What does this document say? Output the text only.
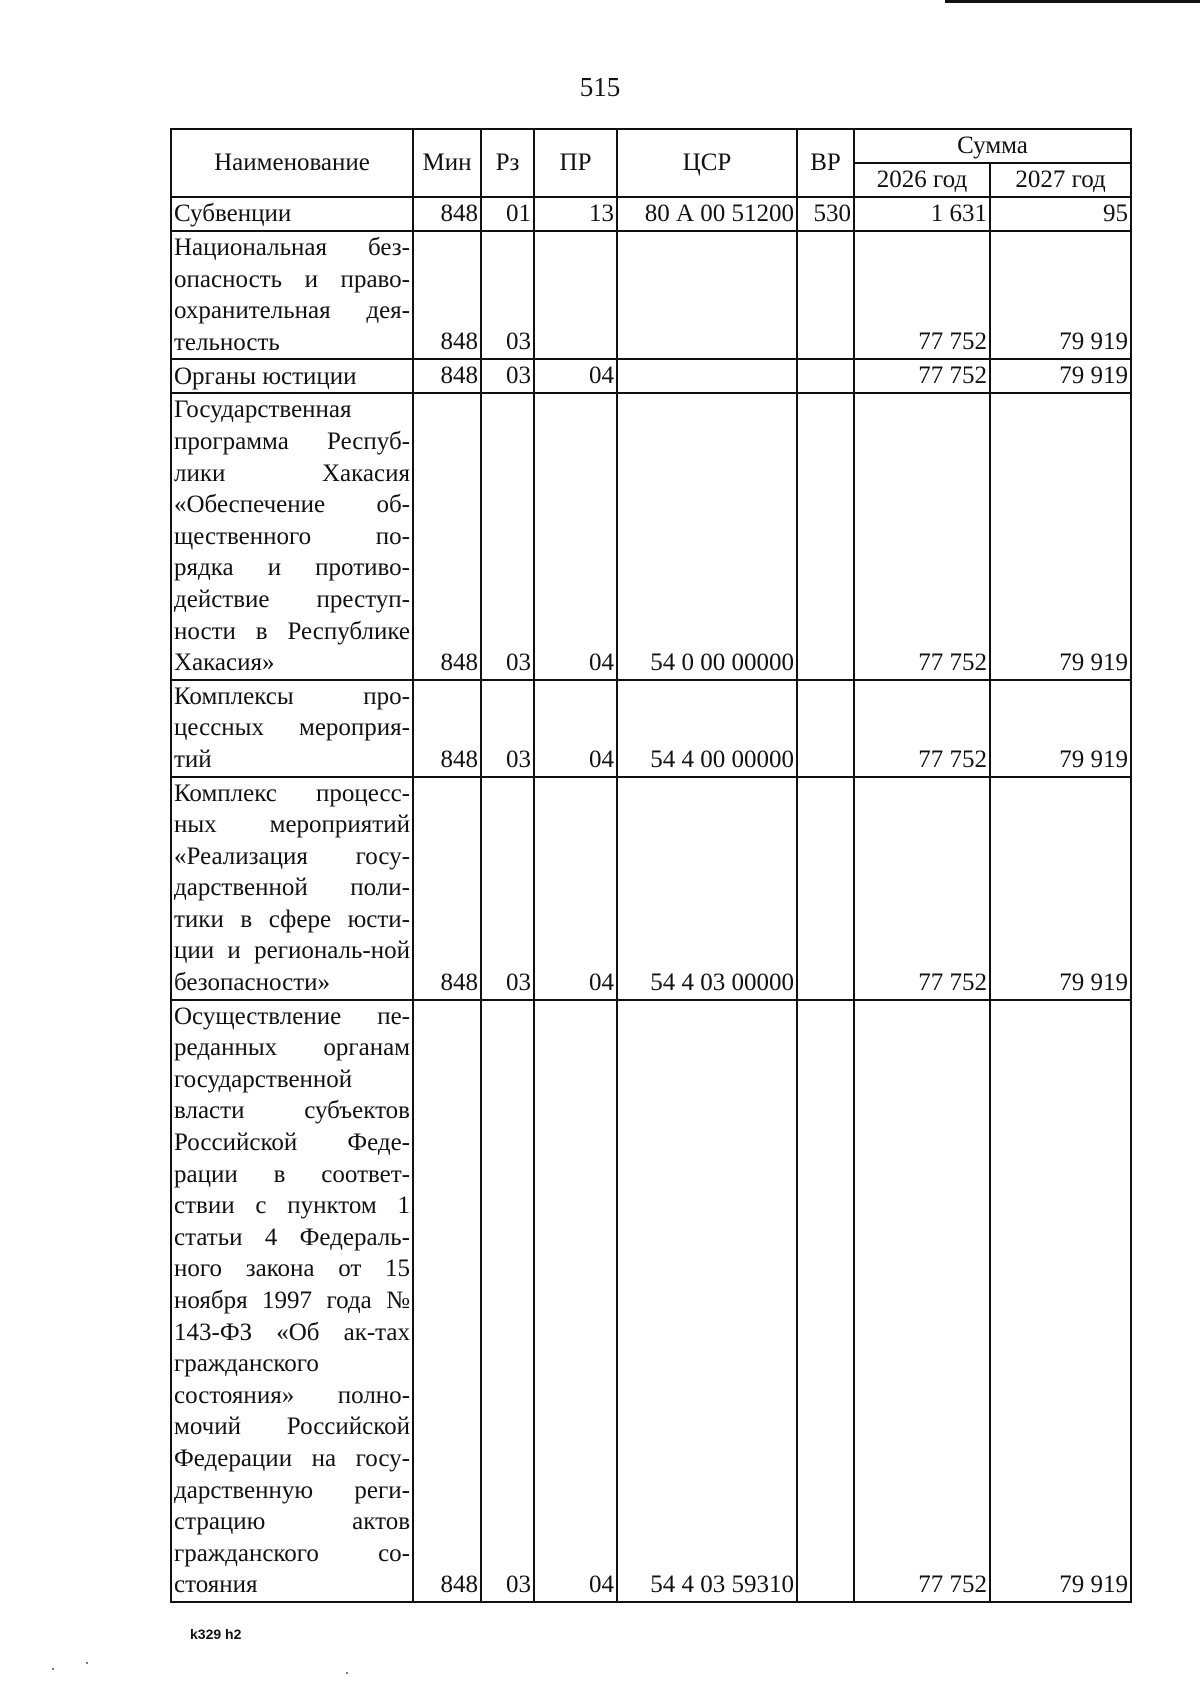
515
Наименование	Мин	Рз	ПР	ЦСР	ВР	Сумма	
						2026 год	2027 год
Субвенции	848	01	13	80 А 00 51200	530	1 631	95
Национальная без-опасность и право-охранительная дея-тельность	848	03				77 752	79 919
Органы юстиции	848	03	04			77 752	79 919
Государственная программа Респуб-лики Хакасия «Обеспечение об-щественного по-рядка и противо-действие преступ-ности в Республике Хакасия»	848	03	04	54 0 00 00000		77 752	79 919
Комплексы про-цессных мероприя-тий	848	03	04	54 4 00 00000		77 752	79 919
Комплекс процесс-ных мероприятий «Реализация госу-дарственной поли-тики в сфере юсти-ции и региональ-ной безопасности»	848	03	04	54 4 03 00000		77 752	79 919
Осуществление пе-реданных органам государственной власти субъектов Российской Феде-рации в соответ-ствии с пунктом 1 статьи 4 Федераль-ного закона от 15 ноября 1997 года № 143-ФЗ «Об ак-тах гражданского состояния» полно-мочий Российской Федерации на госу-дарственную реги-страцию актов гражданского со-стояния	848	03	04	54 4 03 59310		77 752	79 919
k329 h2
